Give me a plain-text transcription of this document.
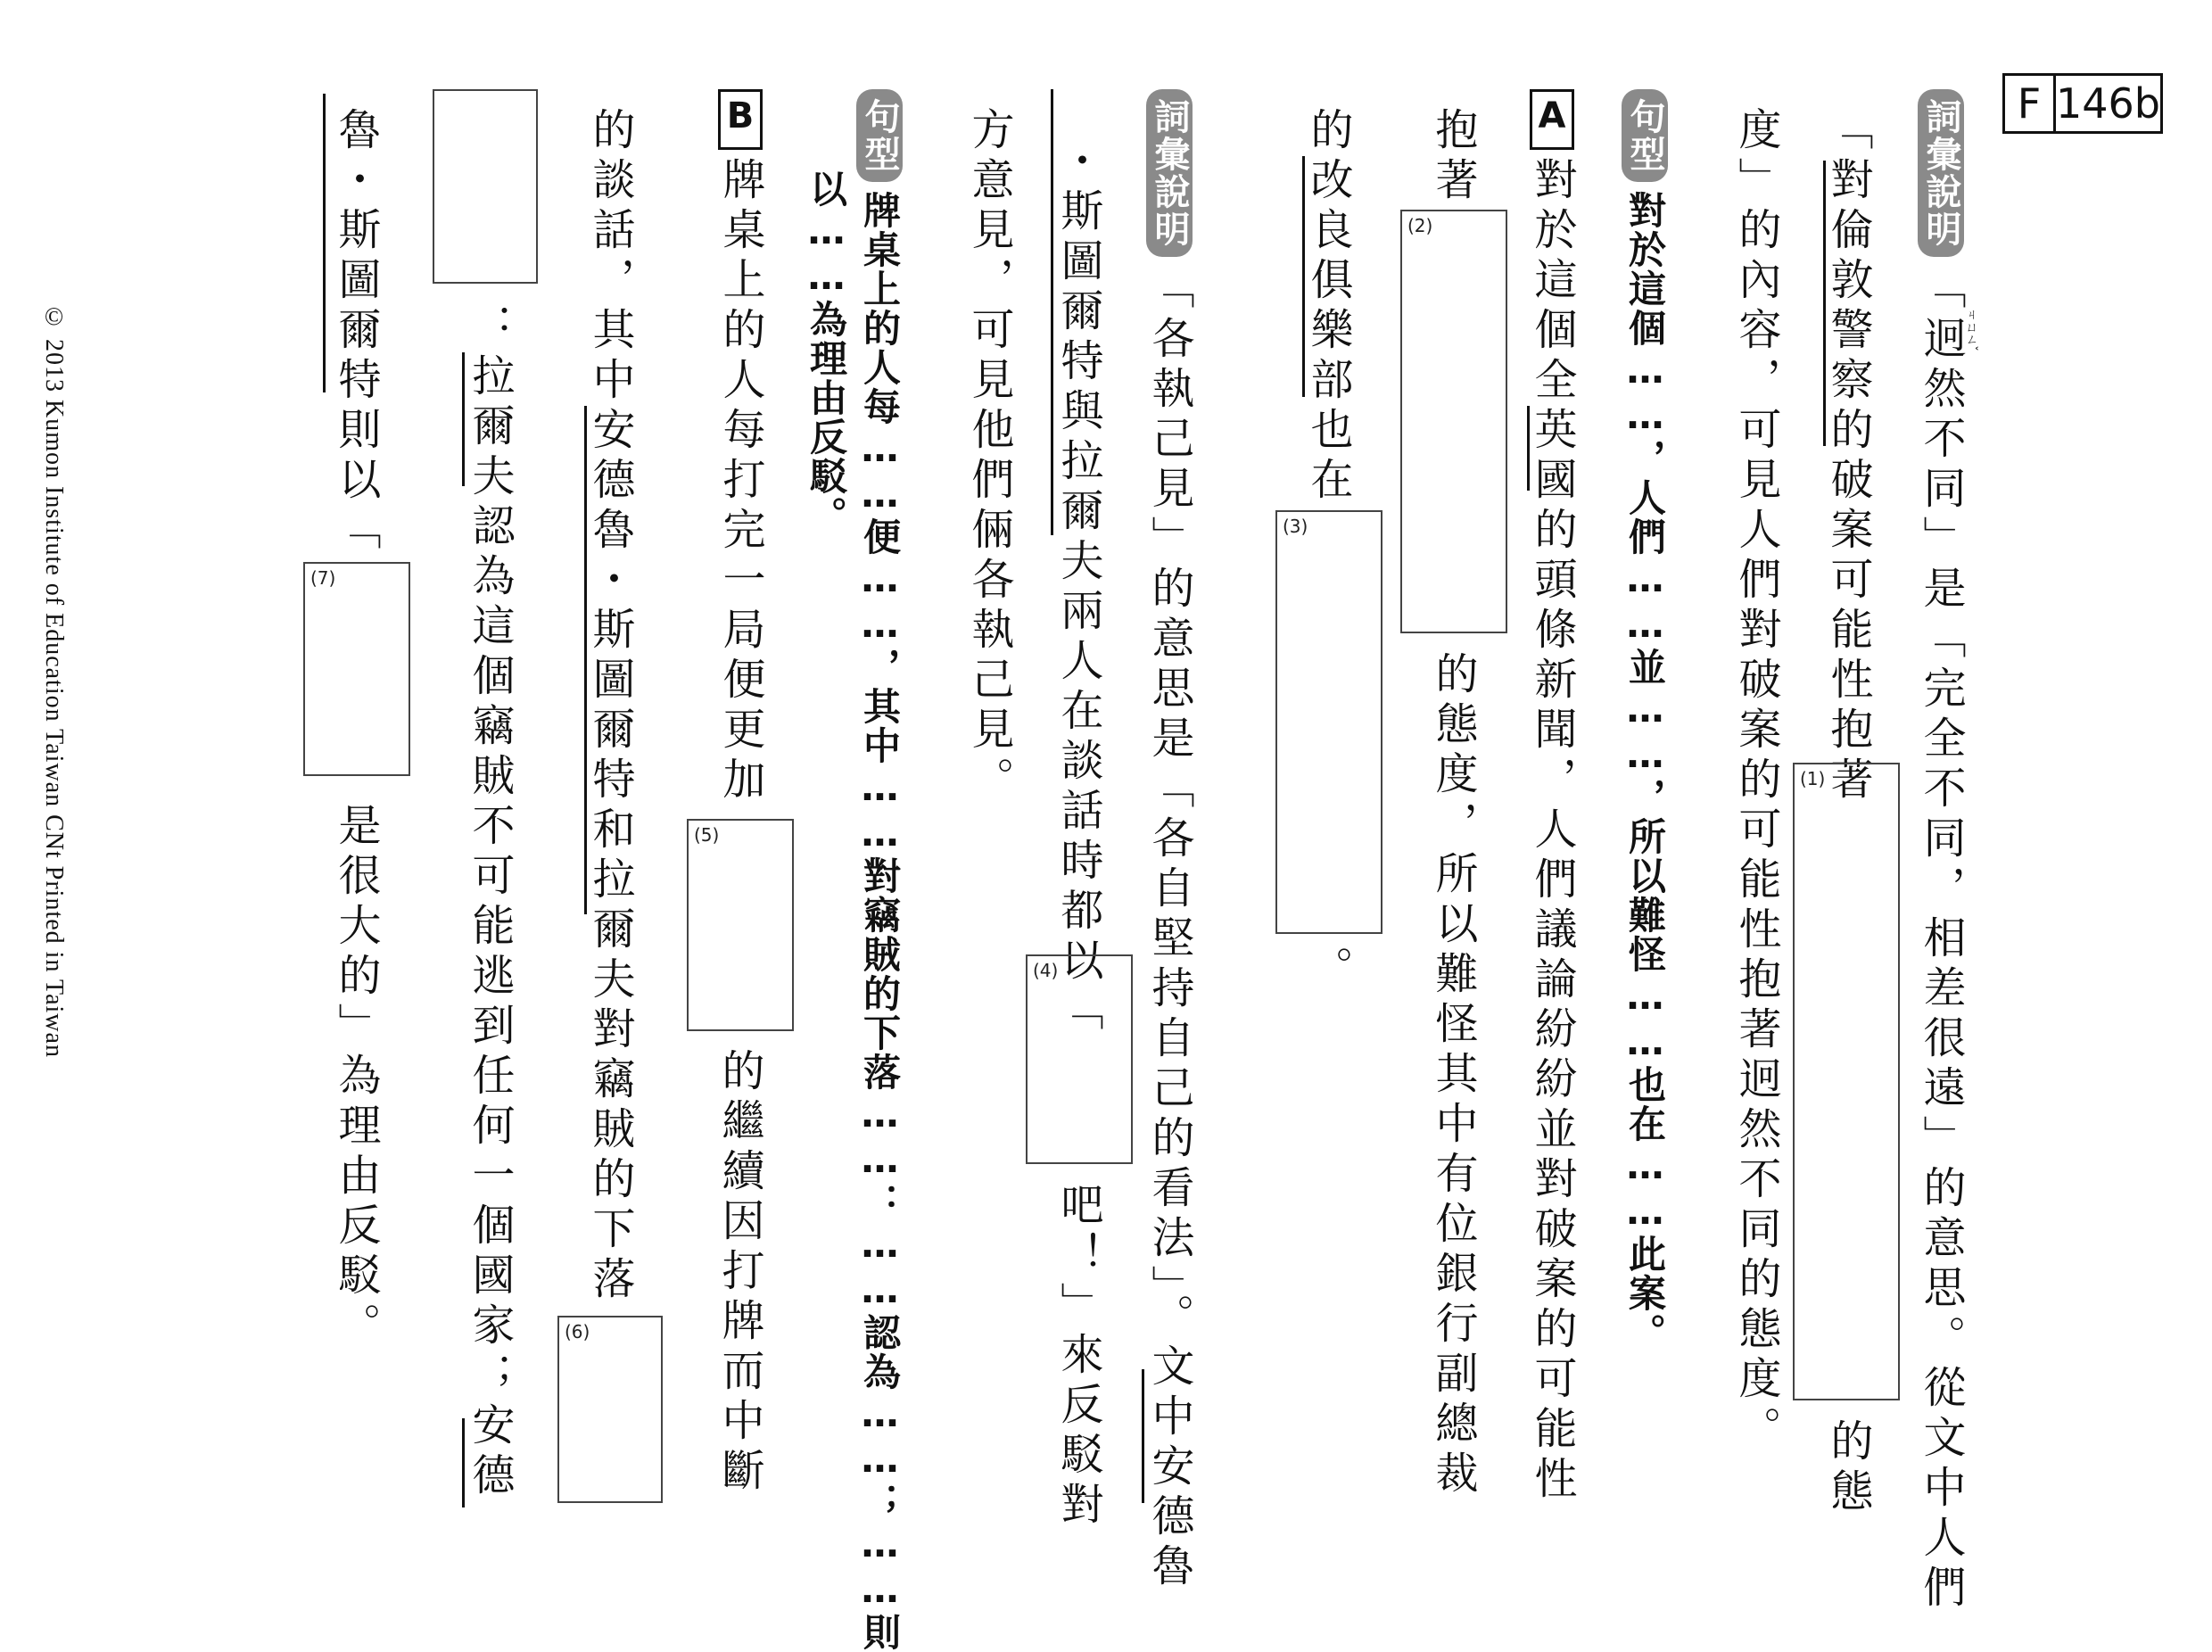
F 146b
詞彙說明「迥然不同」是「完全不同，相差很遠」的意思。從文中人們
ㄐㄩㄥˇ
「對倫敦警察的破案可能性抱著
(1)
的態
度」的內容，可見人們對破案的可能性抱著迥然不同的態度。
句型對於這個……，人們……並……，所以難怪……也在……此案。
A對於這個全英國的頭條新聞，人們議論紛紛並對破案的可能性
抱著
(2)
的態度，所以難怪其中有位銀行副總裁
的改良俱樂部也在
(3)
。
詞彙說明「各執己見」的意思是「各自堅持自己的看法」。文中安德魯
・斯圖爾特與拉爾夫兩人在談話時都以「
(4)
吧！」來反駁對
方意見，可見他們倆各執己見。
句型牌桌上的人每……便……，其中……對竊賊的下落……：……認為……；……則
以……為理由反駁。
B牌桌上的人每打完一局便更加
(5)
的繼續因打牌而中斷
的談話，其中安德魯・斯圖爾特和拉爾夫對竊賊的下落
(6)
：拉爾夫認為這個竊賊不可能逃到任何一個國家；安德
魯・斯圖爾特則以「
(7)
是很大的」為理由反駁。
© 2013 Kumon Institute of Education Taiwan CNt Printed in Taiwan
